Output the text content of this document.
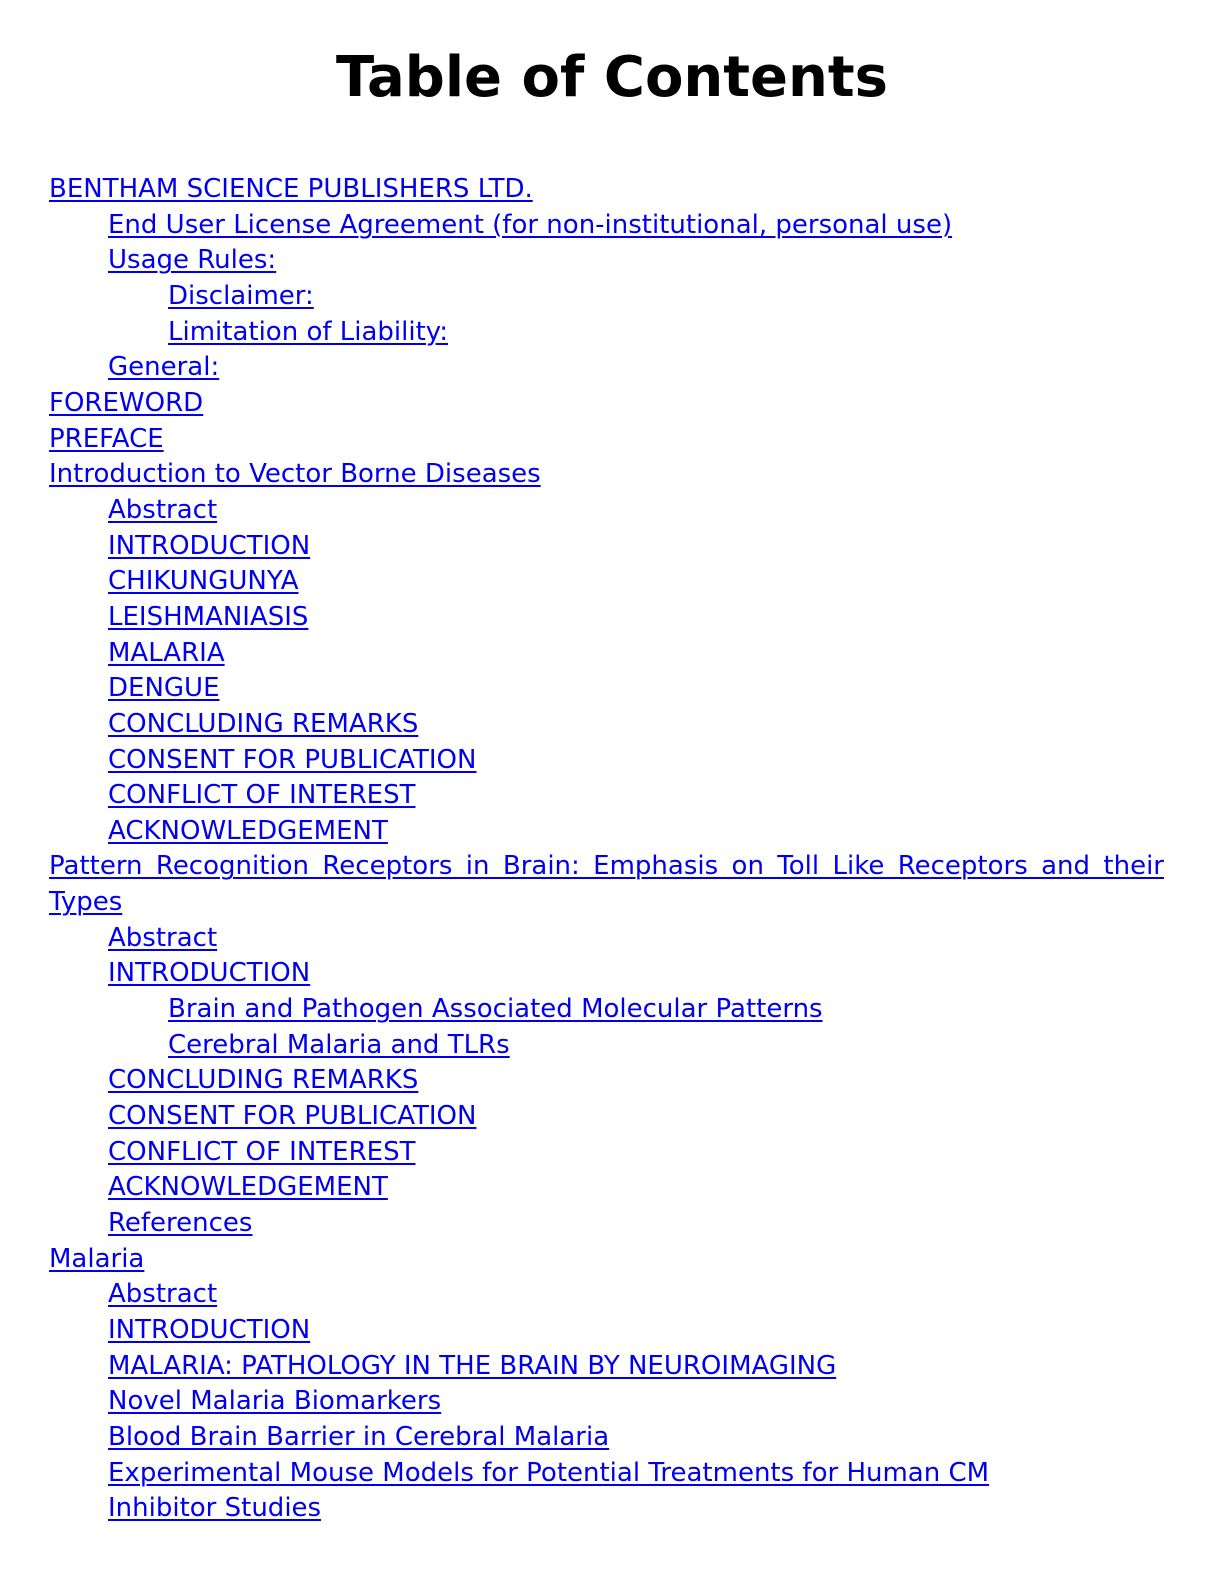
Table of Contents
BENTHAM SCIENCE PUBLISHERS LTD.
End User License Agreement (for non-institutional, personal use)
Usage Rules:
Disclaimer:
Limitation of Liability:
General:
FOREWORD
PREFACE
Introduction to Vector Borne Diseases
Abstract
INTRODUCTION
CHIKUNGUNYA
LEISHMANIASIS
MALARIA
DENGUE
CONCLUDING REMARKS
CONSENT FOR PUBLICATION
CONFLICT OF INTEREST
ACKNOWLEDGEMENT
Pattern Recognition Receptors in Brain: Emphasis on Toll Like Receptors and their Types
Abstract
INTRODUCTION
Brain and Pathogen Associated Molecular Patterns
Cerebral Malaria and TLRs
CONCLUDING REMARKS
CONSENT FOR PUBLICATION
CONFLICT OF INTEREST
ACKNOWLEDGEMENT
References
Malaria
Abstract
INTRODUCTION
MALARIA: PATHOLOGY IN THE BRAIN BY NEUROIMAGING
Novel Malaria Biomarkers
Blood Brain Barrier in Cerebral Malaria
Experimental Mouse Models for Potential Treatments for Human CM
Inhibitor Studies
